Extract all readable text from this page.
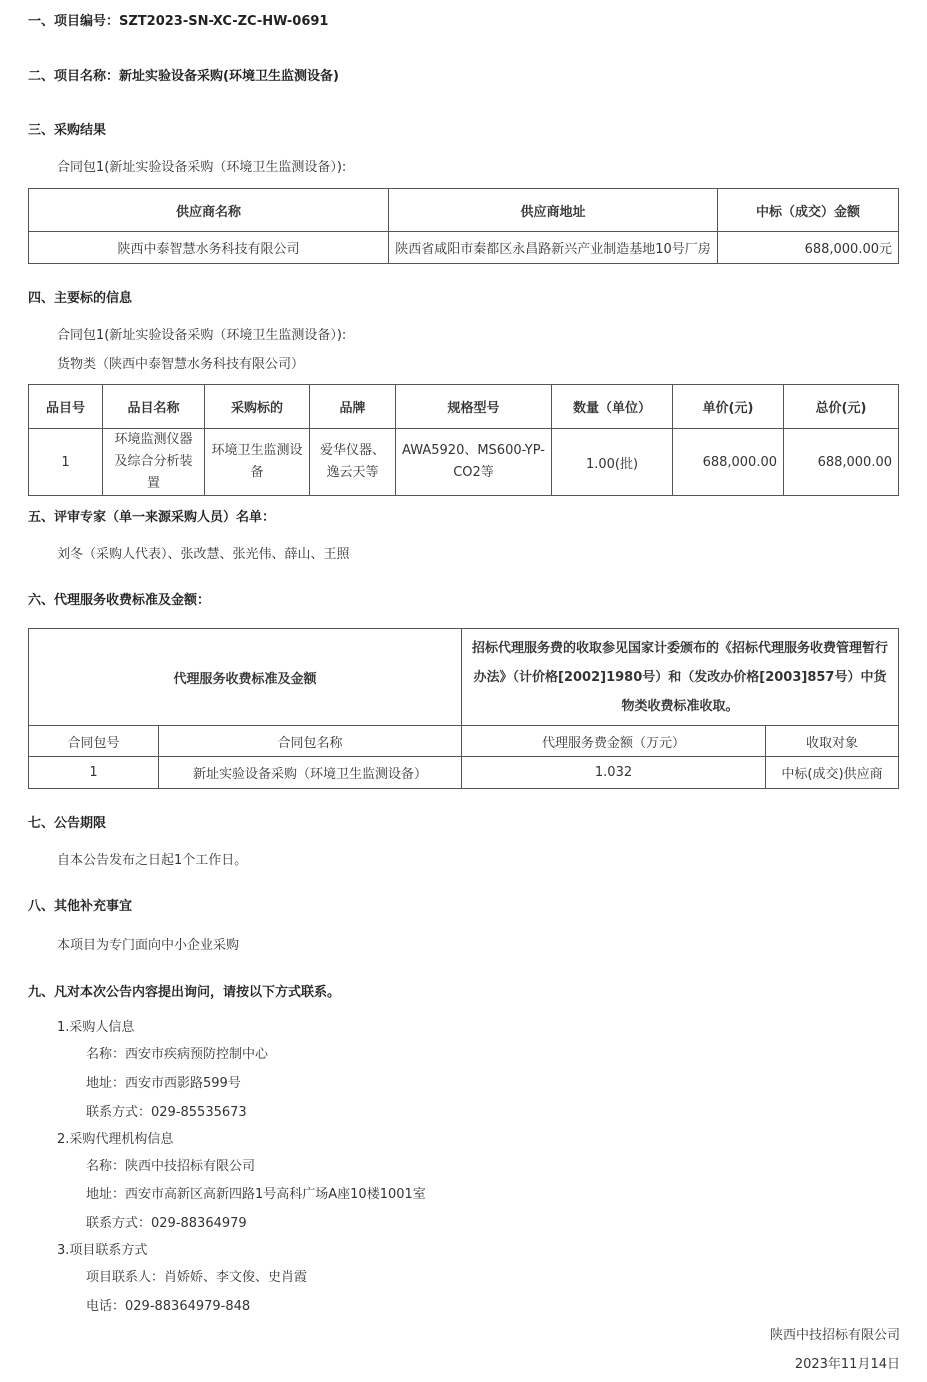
一、项目编号：SZT2023-SN-XC-ZC-HW-0691
二、项目名称：新址实验设备采购(环境卫生监测设备)
三、采购结果
合同包1(新址实验设备采购（环境卫生监测设备）):
供应商名称	供应商地址	中标（成交）金额
陕西中泰智慧水务科技有限公司	陕西省咸阳市秦都区永昌路新兴产业制造基地10号厂房	688,000.00元
四、主要标的信息
合同包1(新址实验设备采购（环境卫生监测设备）):
货物类（陕西中泰智慧水务科技有限公司）
品目号	品目名称	采购标的	品牌	规格型号	数量（单位）	单价(元)	总价(元)
1	环境监测仪器及综合分析装置	环境卫生监测设备	爱华仪器、逸云天等	AWA5920、MS600-YP-CO2等	1.00(批)	688,000.00	688,000.00
五、评审专家（单一来源采购人员）名单：
刘冬（采购人代表）、张改慧、张光伟、薛山、王照
六、代理服务收费标准及金额：
代理服务收费标准及金额		招标代理服务费的收取参见国家计委颁布的《招标代理服务收费管理暂行办法》（计价格[2002]1980号）和（发改办价格[2003]857号）中货物类收费标准收取。	
合同包号	合同包名称	代理服务费金额（万元）	收取对象
1	新址实验设备采购（环境卫生监测设备）	1.032	中标(成交)供应商
七、公告期限
自本公告发布之日起1个工作日。
八、其他补充事宜
本项目为专门面向中小企业采购
九、凡对本次公告内容提出询问，请按以下方式联系。
1.采购人信息
名称：西安市疾病预防控制中心
地址：西安市西影路599号
联系方式：029-85535673
2.采购代理机构信息
名称：陕西中技招标有限公司
地址：西安市高新区高新四路1号高科广场A座10楼1001室
联系方式：029-88364979
3.项目联系方式
项目联系人：肖娇娇、李文俊、史肖霞
电话：029-88364979-848
陕西中技招标有限公司
2023年11月14日
